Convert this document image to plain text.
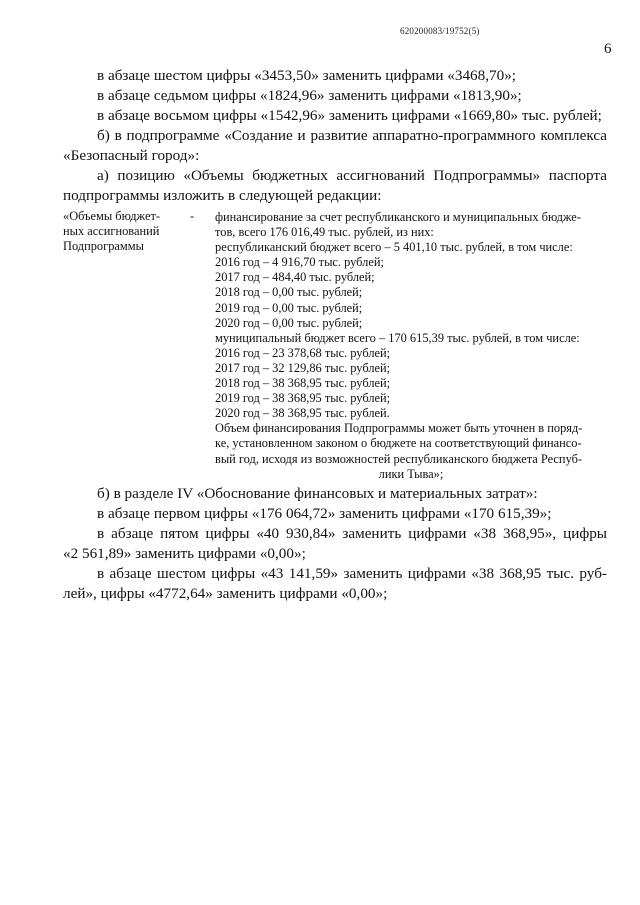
620200083/19752(5)
6

в абзаце шестом цифры «3453,50» заменить цифрами «3468,70»;

в абзаце седьмом цифры «1824,96» заменить цифрами «1813,90»;

в абзаце восьмом цифры «1542,96» заменить цифрами «1669,80» тыс. рублей;

б) в подпрограмме «Создание и развитие аппаратно-программного комплекса

«Безопасный город»:

а) позицию «Объемы бюджетных ассигнований Подпрограммы» паспорта

подпрограммы изложить в следующей редакции:

«Объемы бюджет-
ных ассигнований
Подпрограммы
- финансирование за счет республиканского и муниципальных бюдже-
тов, всего 176 016,49 тыс. рублей, из них:
республиканский бюджет всего – 5 401,10 тыс. рублей, в том числе:
2016 год – 4 916,70 тыс. рублей;
2017 год – 484,40 тыс. рублей;
2018 год – 0,00 тыс. рублей;
2019 год – 0,00 тыс. рублей;
2020 год – 0,00 тыс. рублей;
муниципальный бюджет всего – 170 615,39 тыс. рублей, в том числе:
2016 год – 23 378,68 тыс. рублей;
2017 год – 32 129,86 тыс. рублей;
2018 год – 38 368,95 тыс. рублей;
2019 год – 38 368,95 тыс. рублей;
2020 год – 38 368,95 тыс. рублей.
Объем финансирования Подпрограммы может быть уточнен в поряд-
ке, установленном законом о бюджете на соответствующий финансо-
вый год, исходя из возможностей республиканского бюджета Респуб-
лики Тыва»;

б) в разделе IV «Обоснование финансовых и материальных затрат»:

в абзаце первом цифры «176 064,72» заменить цифрами «170 615,39»;

в абзаце пятом цифры «40 930,84» заменить цифрами «38 368,95», цифры

«2 561,89» заменить цифрами «0,00»;

в абзаце шестом цифры «43 141,59» заменить цифрами «38 368,95 тыс. руб-

лей», цифры «4772,64» заменить цифрами «0,00»;
